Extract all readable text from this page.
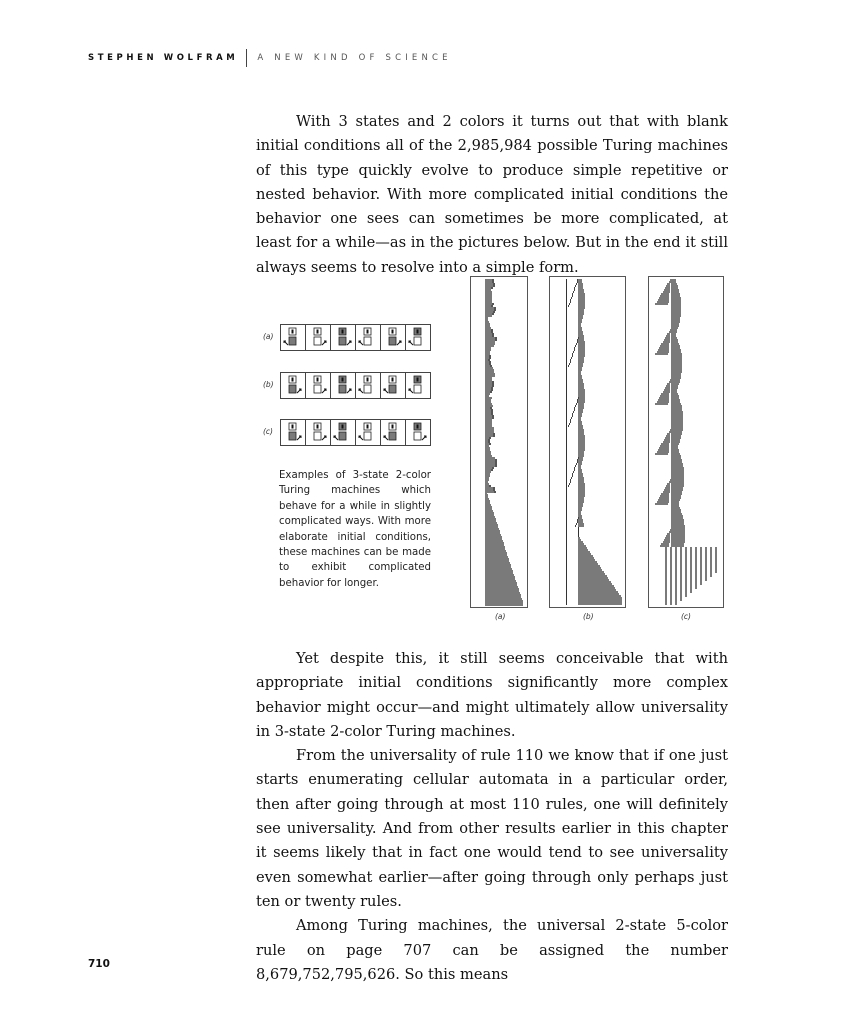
STEPHEN WOLFRAM A NEW KIND OF SCIENCE

With 3 states and 2 colors it turns out that with blank initial conditions all of the 2,985,984 possible Turing machines of this type quickly evolve to produce simple repetitive or nested behavior. With more complicated initial conditions the behavior one sees can sometimes be more complicated, at least for a while—as in the pictures below. But in the end it still always seems to resolve into a simple form.

(a)
(b)
(c)
Examples of 3-state 2-color Turing machines which behave for a while in slightly complicated ways. With more elaborate initial conditions, these machines can be made to exhibit complicated behavior for longer.
(a)	(b)	(c)

Yet despite this, it still seems conceivable that with appropriate initial conditions significantly more complex behavior might occur—and might ultimately allow universality in 3-state 2-color Turing machines.

From the universality of rule 110 we know that if one just starts enumerating cellular automata in a particular order, then after going through at most 110 rules, one will definitely see universality. And from other results earlier in this chapter it seems likely that in fact one would tend to see universality even somewhat earlier—after going through only perhaps just ten or twenty rules.

Among Turing machines, the universal 2-state 5-color rule on page 707 can be assigned the number 8,679,752,795,626. So this means

710
